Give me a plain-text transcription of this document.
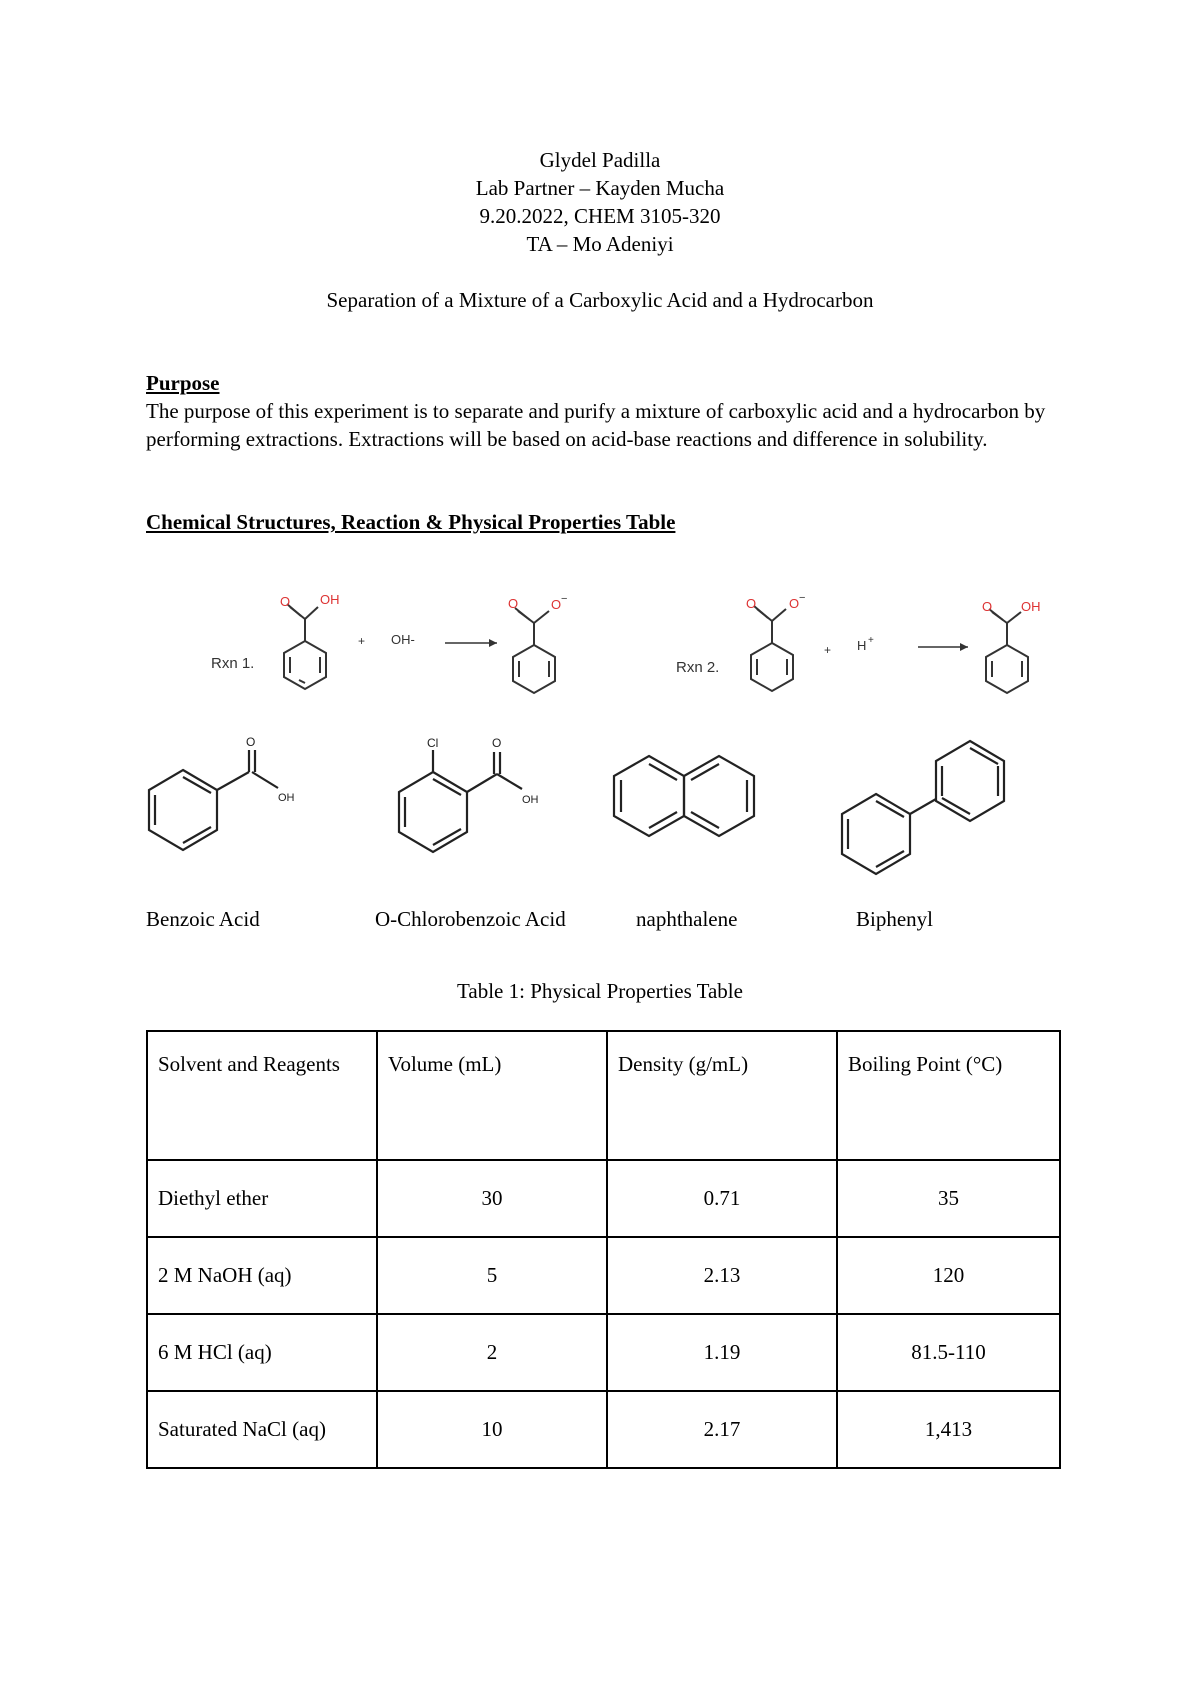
Glydel Padilla
Lab Partner – Kayden Mucha
9.20.2022, CHEM 3105-320
TA – Mo Adeniyi
Separation of a Mixture of a Carboxylic Acid and a Hydrocarbon
Purpose
The purpose of this experiment is to separate and purify a mixture of carboxylic acid and a hydrocarbon by performing extractions. Extractions will be based on acid-base reactions and difference in solubility.
Chemical Structures, Reaction & Physical Properties Table
O OH
Rxn 1.
+ OH-
O	O −
Rxn 2.
O	O −
+ H +
O OH
O
OH
Cl	O
OH
Benzoic Acid	O-Chlorobenzoic Acid	naphthalene	Biphenyl
Table 1: Physical Properties Table
Solvent and Reagents	Volume (mL)	Density (g/mL)	Boiling Point (°C)
Diethyl ether	30	0.71	35
2 M NaOH (aq)	5	2.13	120
6 M HCl (aq)	2	1.19	81.5-110
Saturated NaCl (aq)	10	2.17	1,413
